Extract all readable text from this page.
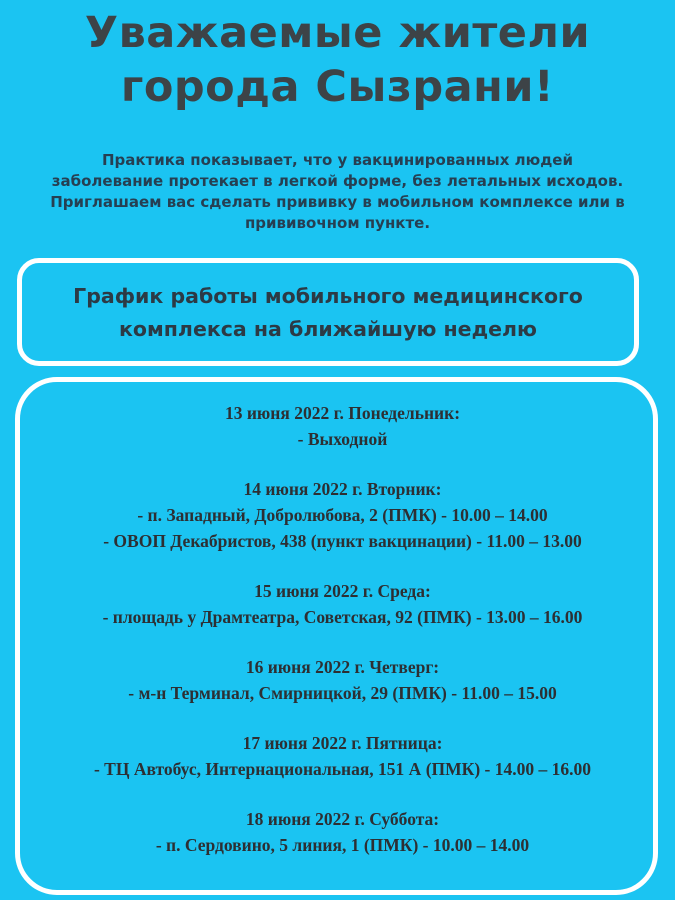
Уважаемые жители
города Сызрани!
Практика показывает, что у вакцинированных людей
заболевание протекает в легкой форме, без летальных исходов.
Приглашаем вас сделать прививку в мобильном комплексе или в
прививочном пункте.
График работы мобильного медицинского
комплекса на ближайшую неделю
13 июня 2022 г. Понедельник:
- Выходной
14 июня 2022 г. Вторник:
- п. Западный, Добролюбова, 2 (ПМК) - 10.00 – 14.00
- ОВОП Декабристов, 438 (пункт вакцинации) - 11.00 – 13.00
15 июня 2022 г. Среда:
- площадь у Драмтеатра, Советская, 92 (ПМК) - 13.00 – 16.00
16 июня 2022 г. Четверг:
- м-н Терминал, Смирницкой, 29 (ПМК) - 11.00 – 15.00
17 июня 2022 г. Пятница:
- ТЦ Автобус, Интернациональная, 151 А (ПМК) - 14.00 – 16.00
18 июня 2022 г. Суббота:
- п. Сердовино, 5 линия, 1 (ПМК) - 10.00 – 14.00
